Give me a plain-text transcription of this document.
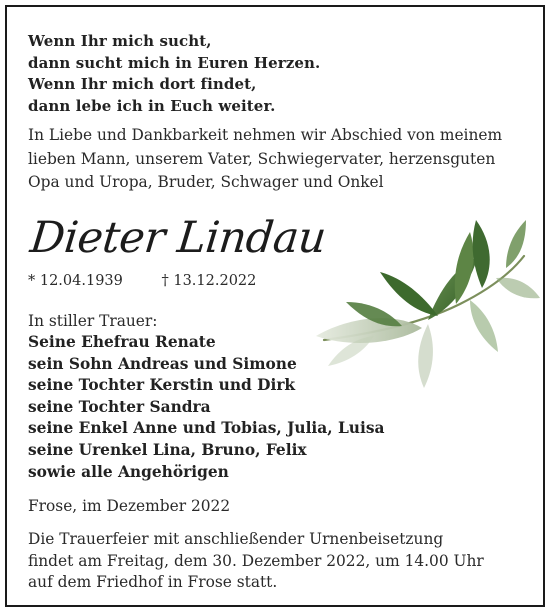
Wenn Ihr mich sucht,
dann sucht mich in Euren Herzen.
Wenn Ihr mich dort findet,
dann lebe ich in Euch weiter.
In Liebe und Dankbarkeit nehmen wir Abschied von meinem
lieben Mann, unserem Vater, Schwiegervater, herzensguten
Opa und Uropa, Bruder, Schwager und Onkel
Dieter Lindau
* 12.04.1939	† 13.12.2022
In stiller Trauer:
Seine Ehefrau Renate
sein Sohn Andreas und Simone
seine Tochter Kerstin und Dirk
seine Tochter Sandra
seine Enkel Anne und Tobias, Julia, Luisa
seine Urenkel Lina, Bruno, Felix
sowie alle Angehörigen
Frose, im Dezember 2022
Die Trauerfeier mit anschließender Urnenbeisetzung
findet am Freitag, dem 30. Dezember 2022, um 14.00 Uhr
auf dem Friedhof in Frose statt.
